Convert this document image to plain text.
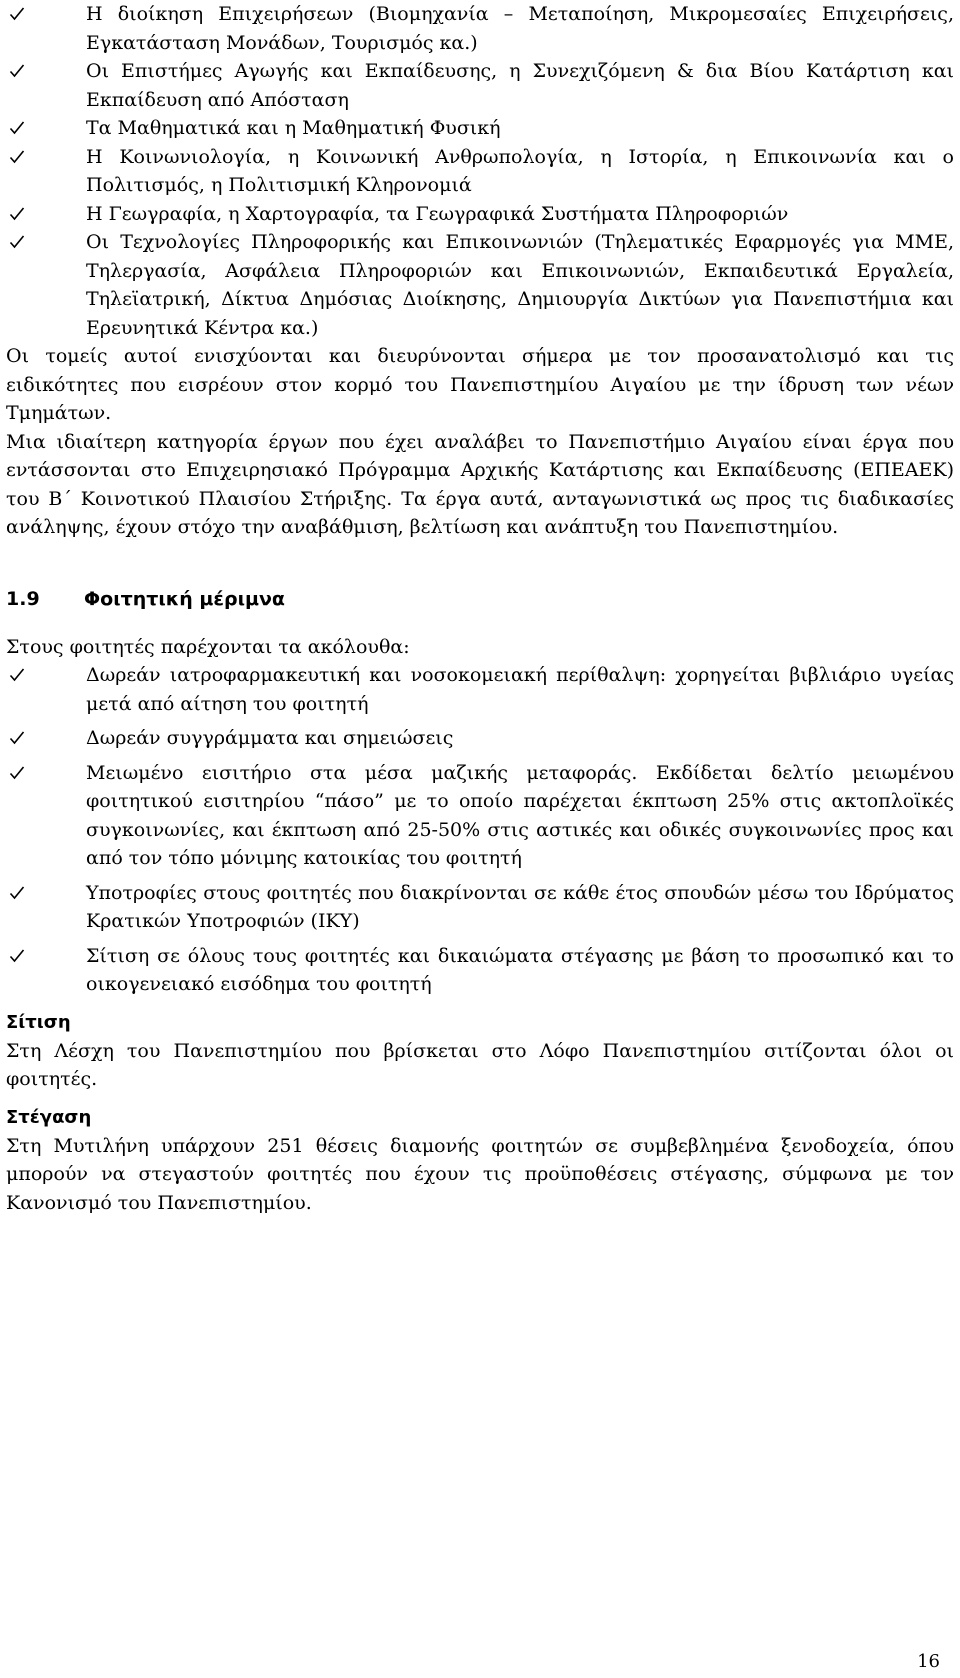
Η διοίκηση Επιχειρήσεων (Βιομηχανία – Μεταποίηση, Μικρομεσαίες Επιχειρήσεις, Εγκατάσταση Μονάδων, Τουρισμός κα.)
Οι Επιστήμες Αγωγής και Εκπαίδευσης, η Συνεχιζόμενη & δια Βίου Κατάρτιση και Εκπαίδευση από Απόσταση
Τα Μαθηματικά και η Μαθηματική Φυσική
Η Κοινωνιολογία, η Κοινωνική Ανθρωπολογία, η Ιστορία, η Επικοινωνία και ο Πολιτισμός, η Πολιτισμική Κληρονομιά
Η Γεωγραφία, η Χαρτογραφία, τα Γεωγραφικά Συστήματα Πληροφοριών
Οι Τεχνολογίες Πληροφορικής και Επικοινωνιών (Τηλεματικές Εφαρμογές για ΜΜΕ, Τηλεργασία, Ασφάλεια Πληροφοριών και Επικοινωνιών, Εκπαιδευτικά Εργαλεία, Τηλεϊατρική, Δίκτυα Δημόσιας Διοίκησης, Δημιουργία Δικτύων για Πανεπιστήμια και Ερευνητικά Κέντρα κα.)

Οι τομείς αυτοί ενισχύονται και διευρύνονται σήμερα με τον προσανατολισμό και τις ειδικότητες που εισρέουν στον κορμό του Πανεπιστημίου Αιγαίου με την ίδρυση των νέων Τμημάτων.

Μια ιδιαίτερη κατηγορία έργων που έχει αναλάβει το Πανεπιστήμιο Αιγαίου είναι έργα που εντάσσονται στο Επιχειρησιακό Πρόγραμμα Αρχικής Κατάρτισης και Εκπαίδευσης (ΕΠΕΑΕΚ) του Β΄ Κοινοτικού Πλαισίου Στήριξης. Τα έργα αυτά, ανταγωνιστικά ως προς τις διαδικασίες ανάληψης, έχουν στόχο την αναβάθμιση, βελτίωση και ανάπτυξη του Πανεπιστημίου.

1.9 Φοιτητική μέριμνα

Στους φοιτητές παρέχονται τα ακόλουθα:

Δωρεάν ιατροφαρμακευτική και νοσοκομειακή περίθαλψη: χορηγείται βιβλιάριο υγείας μετά από αίτηση του φοιτητή
Δωρεάν συγγράμματα και σημειώσεις
Μειωμένο εισιτήριο στα μέσα μαζικής μεταφοράς. Εκδίδεται δελτίο μειωμένου φοιτητικού εισιτηρίου “πάσο” με το οποίο παρέχεται έκπτωση 25% στις ακτοπλοϊκές συγκοινωνίες, και έκπτωση από 25-50% στις αστικές και οδικές συγκοινωνίες προς και από τον τόπο μόνιμης κατοικίας του φοιτητή
Υποτροφίες στους φοιτητές που διακρίνονται σε κάθε έτος σπουδών μέσω του Ιδρύματος Κρατικών Υποτροφιών (ΙΚΥ)
Σίτιση σε όλους τους φοιτητές και δικαιώματα στέγασης με βάση το προσωπικό και το οικογενειακό εισόδημα του φοιτητή
Σίτιση

Στη Λέσχη του Πανεπιστημίου που βρίσκεται στο Λόφο Πανεπιστημίου σιτίζονται όλοι οι φοιτητές.

Στέγαση

Στη Μυτιλήνη υπάρχουν 251 θέσεις διαμονής φοιτητών σε συμβεβλημένα ξενοδοχεία, όπου μπορούν να στεγαστούν φοιτητές που έχουν τις προϋποθέσεις στέγασης, σύμφωνα με τον Κανονισμό του Πανεπιστημίου.

16
